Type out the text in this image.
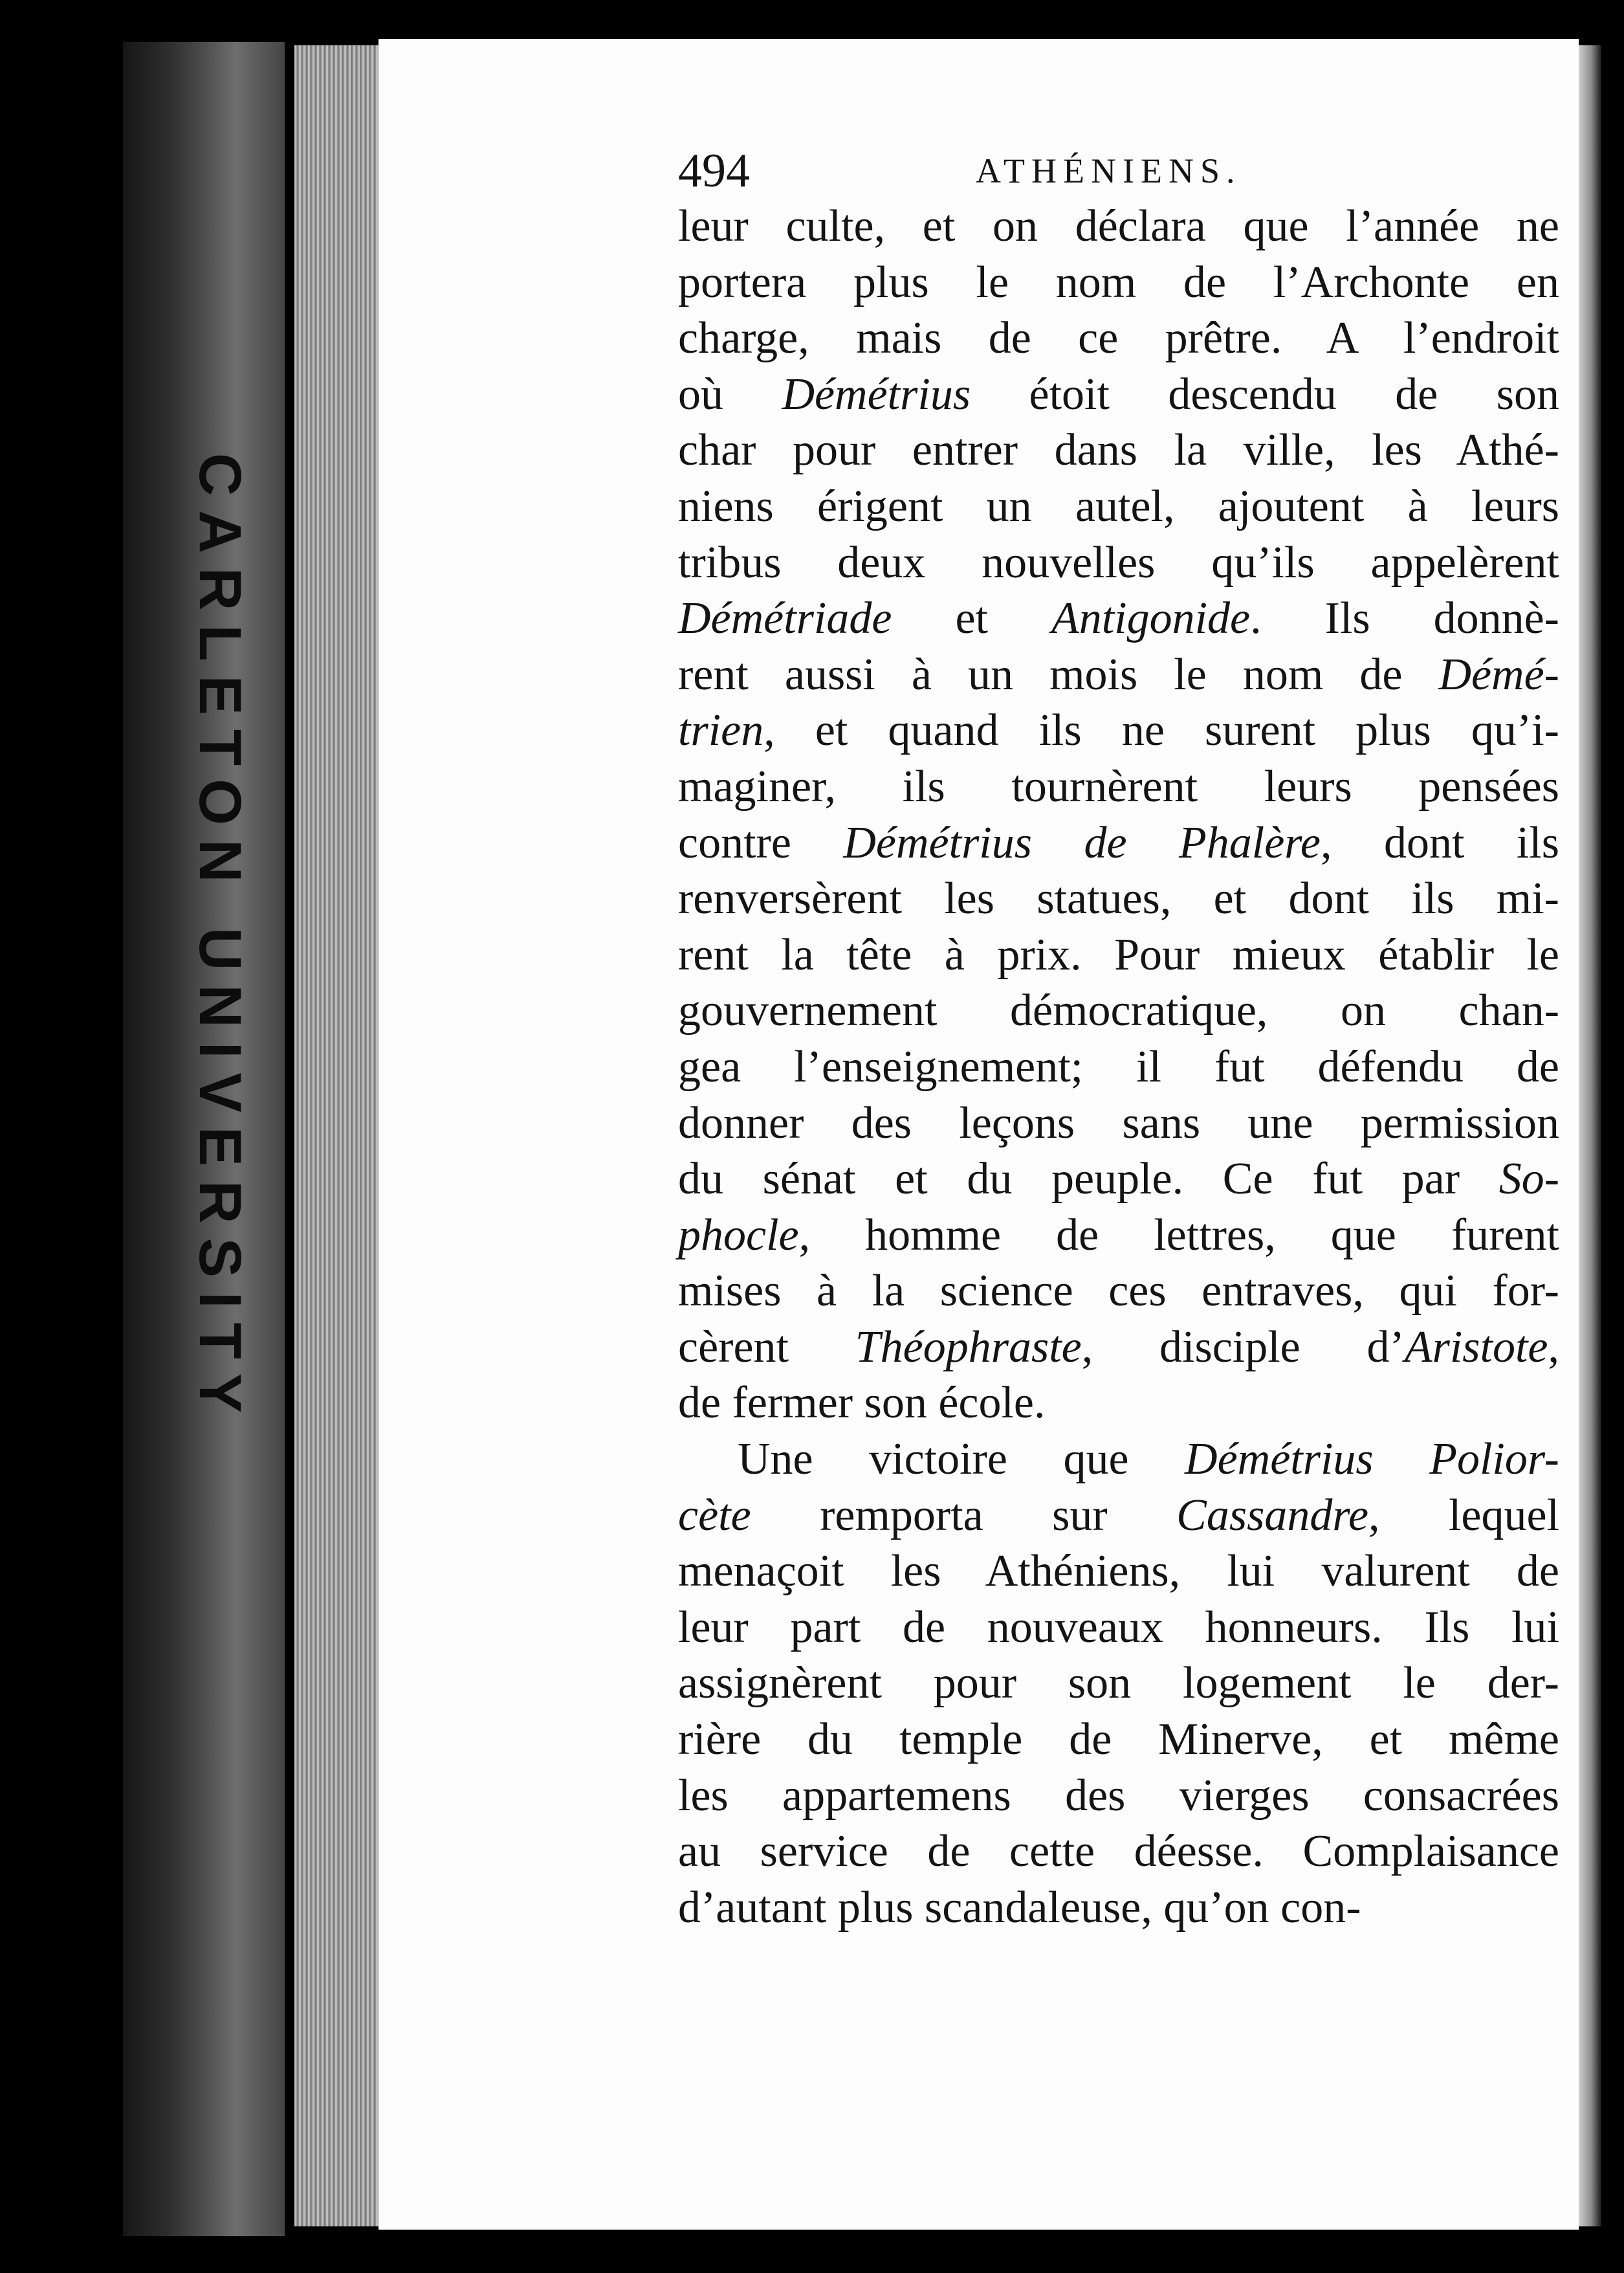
CARLETON UNIVERSITY
494	ATHÉNIENS.
leur culte, et on déclara que l’année ne
portera plus le nom de l’Archonte en
charge, mais de ce prêtre. A l’endroit
où Démétrius étoit descendu de son
char pour entrer dans la ville, les Athé-
niens érigent un autel, ajoutent à leurs
tribus deux nouvelles qu’ils appelèrent
Démétriade et Antigonide. Ils donnè-
rent aussi à un mois le nom de Démé-
trien, et quand ils ne surent plus qu’i-
maginer, ils tournèrent leurs pensées
contre Démétrius de Phalère, dont ils
renversèrent les statues, et dont ils mi-
rent la tête à prix. Pour mieux établir le
gouvernement démocratique, on chan-
gea l’enseignement; il fut défendu de
donner des leçons sans une permission
du sénat et du peuple. Ce fut par So-
phocle, homme de lettres, que furent
mises à la science ces entraves, qui for-
cèrent Théophraste, disciple d’Aristote,
de fermer son école.
Une victoire que Démétrius Polior-
cète remporta sur Cassandre, lequel
menaçoit les Athéniens, lui valurent de
leur part de nouveaux honneurs. Ils lui
assignèrent pour son logement le der-
rière du temple de Minerve, et même
les appartemens des vierges consacrées
au service de cette déesse. Complaisance
d’autant plus scandaleuse, qu’on con-
